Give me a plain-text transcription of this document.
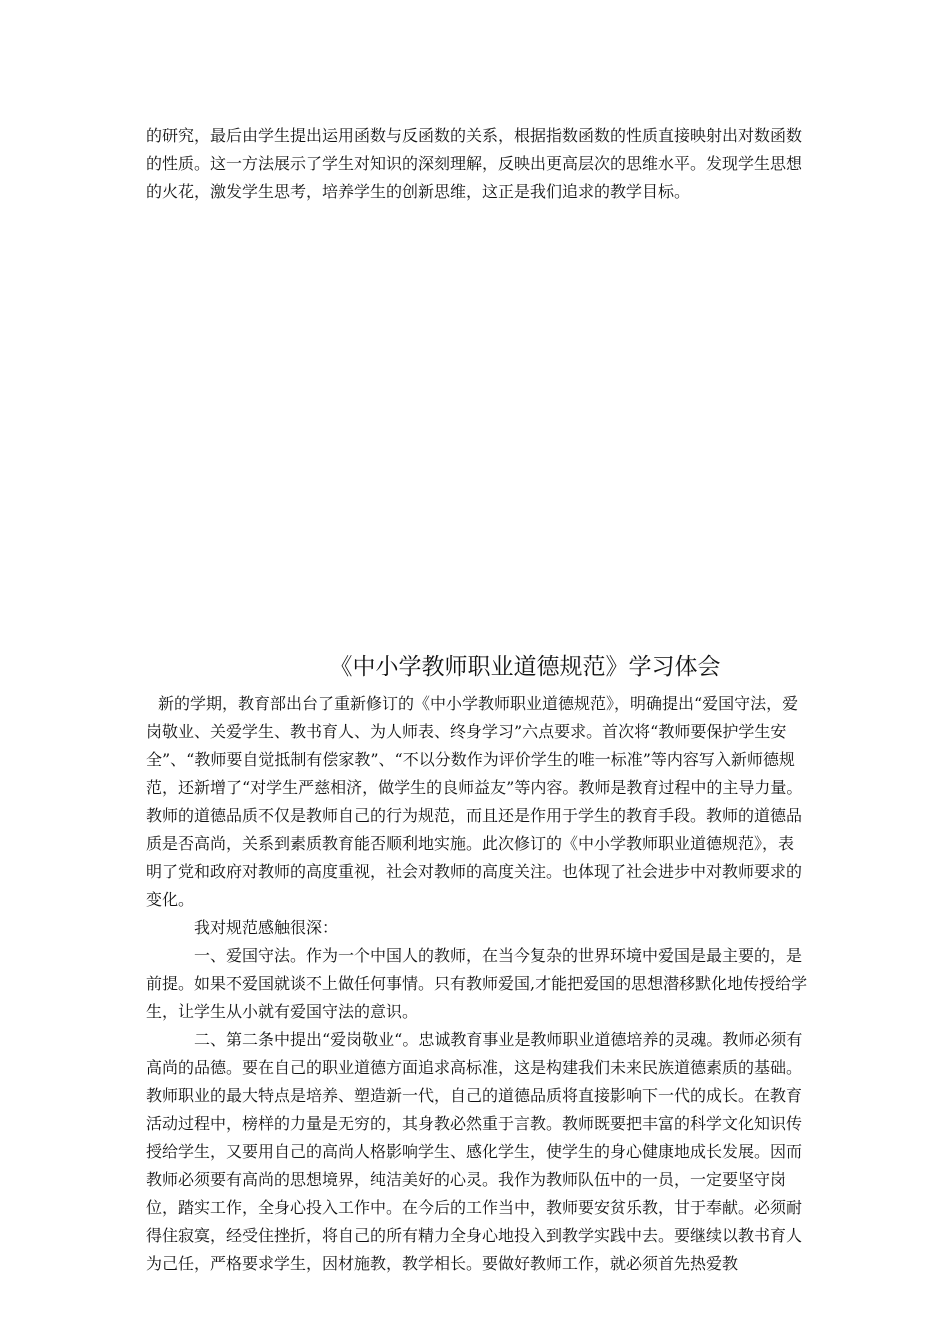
的研究，最后由学生提出运用函数与反函数的关系，根据指数函数的性质直接映射出对数函数的性质。这一方法展示了学生对知识的深刻理解，反映出更高层次的思维水平。发现学生思想的火花，激发学生思考，培养学生的创新思维，这正是我们追求的教学目标。

《中小学教师职业道德规范》学习体会

新的学期，教育部出台了重新修订的《中小学教师职业道德规范》，明确提出“爱国守法，爱岗敬业、关爱学生、教书育人、为人师表、终身学习”六点要求。首次将“教师要保护学生安全”、“教师要自觉抵制有偿家教”、“不以分数作为评价学生的唯一标准”等内容写入新师德规范，还新增了“对学生严慈相济，做学生的良师益友”等内容。教师是教育过程中的主导力量。教师的道德品质不仅是教师自己的行为规范，而且还是作用于学生的教育手段。教师的道德品质是否高尚，关系到素质教育能否顺利地实施。此次修订的《中小学教师职业道德规范》，表明了党和政府对教师的高度重视，社会对教师的高度关注。也体现了社会进步中对教师要求的变化。

我对规范感触很深：

一、爱国守法。作为一个中国人的教师，在当今复杂的世界环境中爱国是最主要的，是前提。如果不爱国就谈不上做任何事情。只有教师爱国,才能把爱国的思想潜移默化地传授给学生，让学生从小就有爱国守法的意识。

二、第二条中提出“爱岗敬业“。忠诚教育事业是教师职业道德培养的灵魂。教师必须有高尚的品德。要在自己的职业道德方面追求高标准，这是构建我们未来民族道德素质的基础。教师职业的最大特点是培养、塑造新一代，自己的道德品质将直接影响下一代的成长。在教育活动过程中，榜样的力量是无穷的，其身教必然重于言教。教师既要把丰富的科学文化知识传授给学生，又要用自己的高尚人格影响学生、感化学生，使学生的身心健康地成长发展。因而教师必须要有高尚的思想境界，纯洁美好的心灵。我作为教师队伍中的一员，一定要坚守岗位，踏实工作，全身心投入工作中。在今后的工作当中，教师要安贫乐教，甘于奉献。必须耐得住寂寞，经受住挫折，将自己的所有精力全身心地投入到教学实践中去。要继续以教书育人为己任，严格要求学生，因材施教，教学相长。要做好教师工作，就必须首先热爱教
